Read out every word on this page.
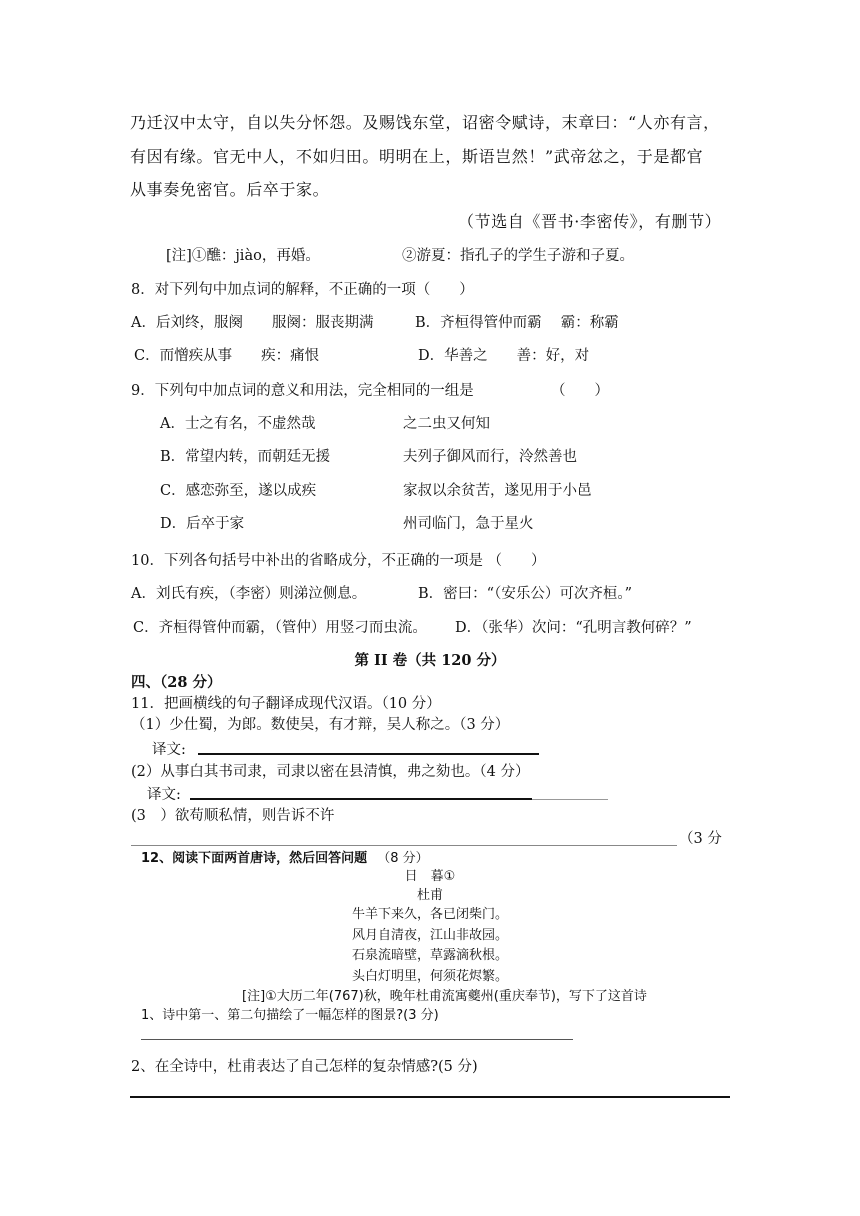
乃迁汉中太守，自以失分怀怨。及赐饯东堂，诏密令赋诗，末章曰：“人亦有言，
有因有缘。官无中人，不如归田。明明在上，斯语岂然！”武帝忿之，于是都官
从事奏免密官。后卒于家。
（节选自《晋书·李密传》，有删节）
[注]①醮：jiào，再婚。	②游夏：指孔子的学生子游和子夏。
8．对下列句中加点词的解释，不正确的一项（　　）
A．后刘终，服阕　　服阕：服丧期满	B．齐桓得管仲而霸　 霸：称霸
C．而憎疾从事　　疾：痛恨	D．华善之　　善：好，对
9．下列句中加点词的意义和用法，完全相同的一组是	（　　）
A．士之有名，不虚然哉	之二虫又何知
B．常望内转，而朝廷无援	夫列子御风而行，泠然善也
C．感恋弥至，遂以成疾	家叔以余贫苦，遂见用于小邑
D．后卒于家	州司临门，急于星火
10．下列各句括号中补出的省略成分，不正确的一项是 （　　）
A．刘氏有疾，（李密）则涕泣侧息。	B．密曰：“（安乐公）可次齐桓。”
C．齐桓得管仲而霸，（管仲）用竖刁而虫流。 D．（张华）次问：“孔明言教何碎？”
第 II 卷（共 120 分）
四、（28 分）
11．把画横线的句子翻译成现代汉语。（10 分）
（1）少仕蜀，为郎。数使吴，有才辩，吴人称之。（3 分）
译文:
(2）从事白其书司隶，司隶以密在县清慎，弗之劾也。（4 分）
译文:
(3　）欲苟顺私情，则告诉不许
（3 分
12、阅读下面两首唐诗，然后回答问题 （8 分）
日　暮①
杜甫
牛羊下来久，各已闭柴门。
风月自清夜，江山非故园。
石泉流暗壁，草露滴秋根。
头白灯明里，何须花烬繁。
[注]①大历二年(767)秋，晚年杜甫流寓夔州(重庆奉节)，写下了这首诗
1、诗中第一、第二句描绘了一幅怎样的图景?(3 分)
2、在全诗中，杜甫表达了自己怎样的复杂情感?(5 分)
